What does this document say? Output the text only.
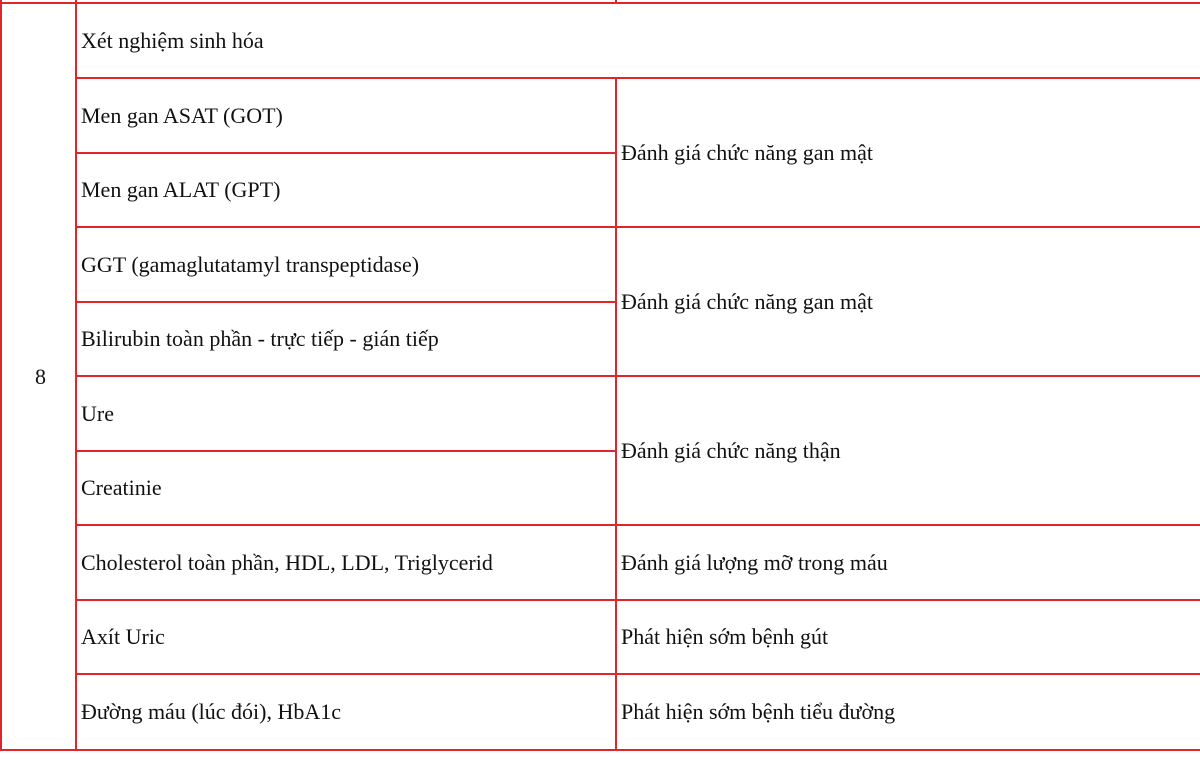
8	Xét nghiệm sinh hóa	
	Men gan ASAT (GOT)	Đánh giá chức năng gan mật
	Men gan ALAT (GPT)	
	GGT (gamaglutatamyl transpeptidase)	Đánh giá chức năng gan mật
	Bilirubin toàn phần - trực tiếp - gián tiếp	
	Ure	Đánh giá chức năng thận
	Creatinie	
	Cholesterol toàn phần, HDL, LDL, Triglycerid	Đánh giá lượng mỡ trong máu
	Axít Uric	Phát hiện sớm bệnh gút
	Đường máu (lúc đói), HbA1c	Phát hiện sớm bệnh tiểu đường
